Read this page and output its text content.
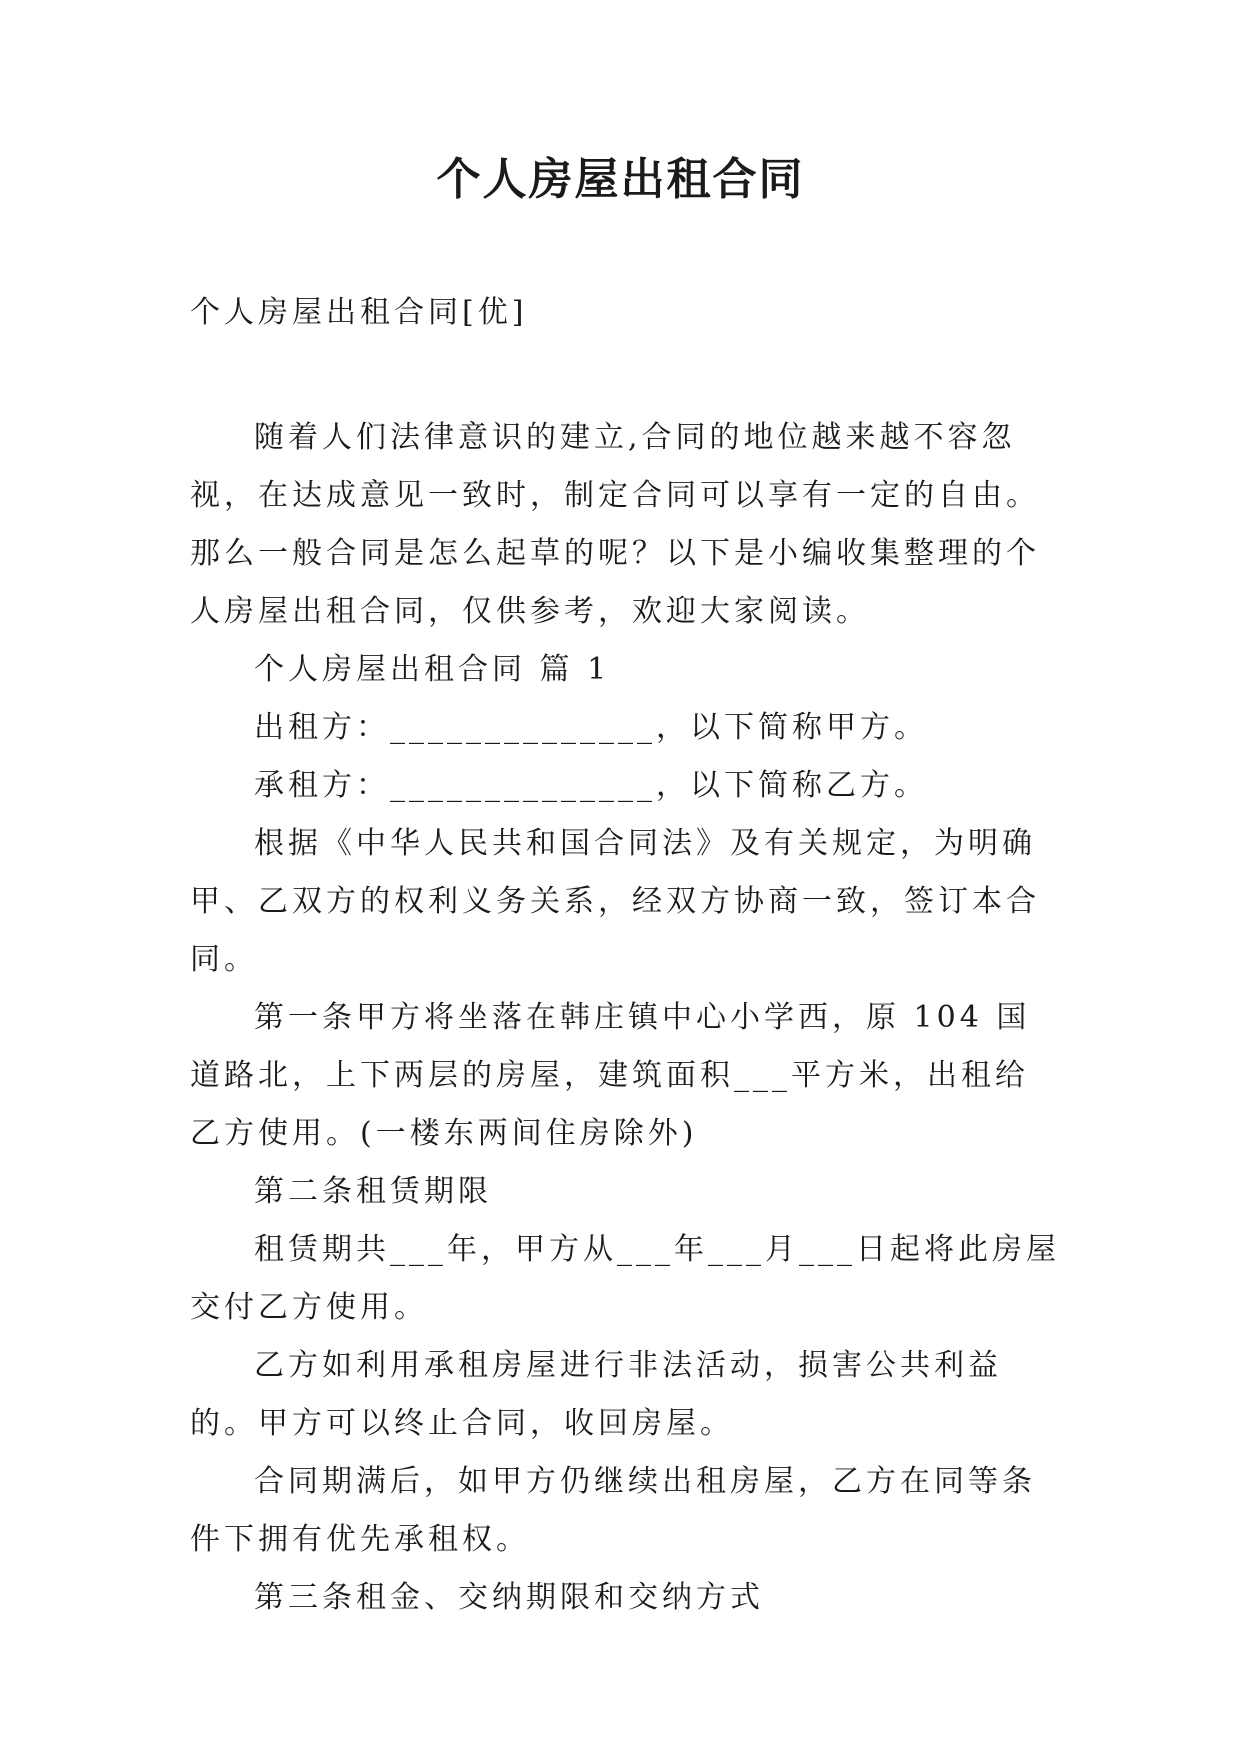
个人房屋出租合同

个人房屋出租合同[优]

随着人们法律意识的建立,合同的地位越来越不容忽视，在达成意见一致时，制定合同可以享有一定的自由。那么一般合同是怎么起草的呢？以下是小编收集整理的个人房屋出租合同，仅供参考，欢迎大家阅读。

个人房屋出租合同 篇 1

出租方：______________，以下简称甲方。

承租方：______________，以下简称乙方。

根据《中华人民共和国合同法》及有关规定，为明确甲、乙双方的权利义务关系，经双方协商一致，签订本合同。

第一条甲方将坐落在韩庄镇中心小学西，原 104 国道路北，上下两层的房屋，建筑面积___平方米，出租给乙方使用。(一楼东两间住房除外)

第二条租赁期限

租赁期共___年，甲方从___年___月___日起将此房屋交付乙方使用。

乙方如利用承租房屋进行非法活动，损害公共利益的。甲方可以终止合同，收回房屋。

合同期满后，如甲方仍继续出租房屋，乙方在同等条件下拥有优先承租权。

第三条租金、交纳期限和交纳方式
